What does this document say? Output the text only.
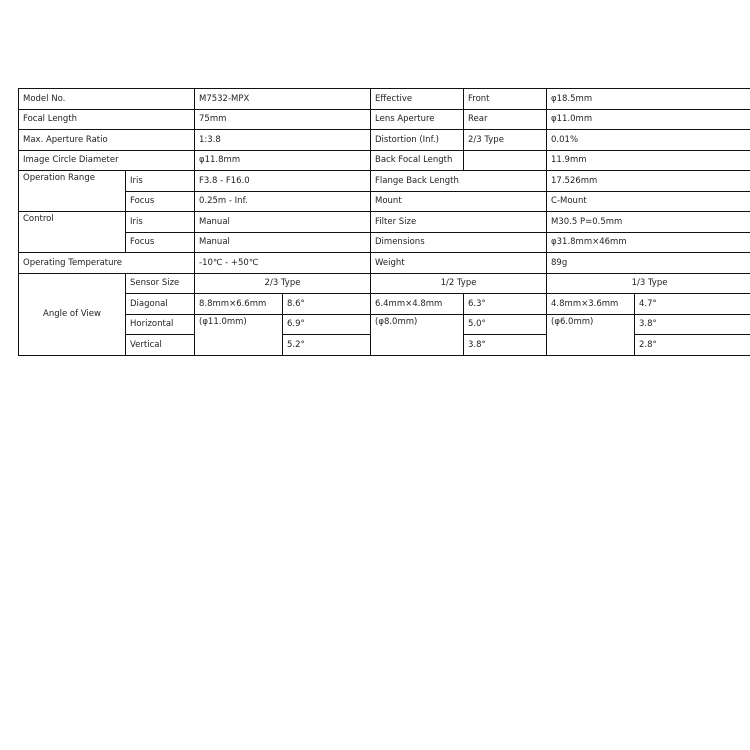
Model No.		M7532-MPX		Effective	Front	φ18.5mm	
Focal Length		75mm		Lens Aperture	Rear	φ11.0mm	
Max. Aperture Ratio		1:3.8		Distortion (Inf.)	2/3 Type	0.01%	
Image Circle Diameter		φ11.8mm		Back Focal Length		11.9mm	
Operation Range	Iris	F3.8 - F16.0		Flange Back Length		17.526mm	
	Focus	0.25m - Inf.		Mount		C-Mount	
Control	Iris	Manual		Filter Size		M30.5 P=0.5mm	
	Focus	Manual		Dimensions		φ31.8mm×46mm	
Operating Temperature		-10℃ - +50℃		Weight		89g	
Angle of View	Sensor Size	2/3 Type		1/2 Type		1/3 Type	
	Diagonal	8.8mm×6.6mm	8.6°	6.4mm×4.8mm	6.3°	4.8mm×3.6mm	4.7°
	Horizontal	(φ11.0mm)	6.9°	(φ8.0mm)	5.0°	(φ6.0mm)	3.8°
	Vertical		5.2°		3.8°		2.8°
